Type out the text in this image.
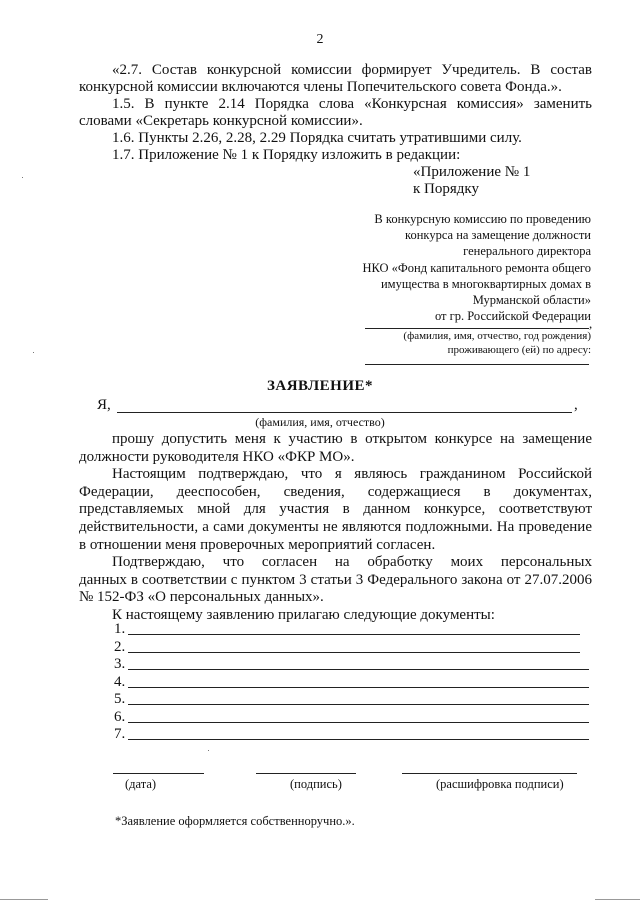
2

«2.7. Состав конкурсной комиссии формирует Учредитель. В состав

конкурсной комиссии включаются члены Попечительского совета Фонда.».

1.5. В пункте 2.14 Порядка слова «Конкурсная комиссия» заменить

словами «Секретарь конкурсной комиссии».

1.6. Пункты 2.26, 2.28, 2.29 Порядка считать утратившими силу.

1.7. Приложение № 1 к Порядку изложить в редакции:

«Приложение № 1
к Порядку
В конкурсную комиссию по проведению
конкурса на замещение должности
генерального директора
НКО «Фонд капитального ремонта общего
имущества в многоквартирных домах в
Мурманской области»
от гр. Российской Федерации
,
(фамилия, имя, отчество, год рождения)
проживающего (ей) по адресу:
ЗАЯВЛЕНИЕ*
Я,	,
(фамилия, имя, отчество)

прошу допустить меня к участию в открытом конкурсе на замещение

должности руководителя НКО «ФКР МО».

Настоящим подтверждаю, что я являюсь гражданином Российской

Федерации, дееспособен, сведения, содержащиеся в документах,

представляемых мной для участия в данном конкурсе, соответствуют

действительности, а сами документы не являются подложными. На проведение

в отношении меня проверочных мероприятий согласен.

Подтверждаю, что согласен на обработку моих персональных

данных в соответствии с пунктом 3 статьи 3 Федерального закона от 27.07.2006

№ 152-ФЗ «О персональных данных».

К настоящему заявлению прилагаю следующие документы:

1.
2.
3.
4.
5.
6.
7.
(дата)	(подпись)	(расшифровка подписи)
*Заявление оформляется собственноручно.».
